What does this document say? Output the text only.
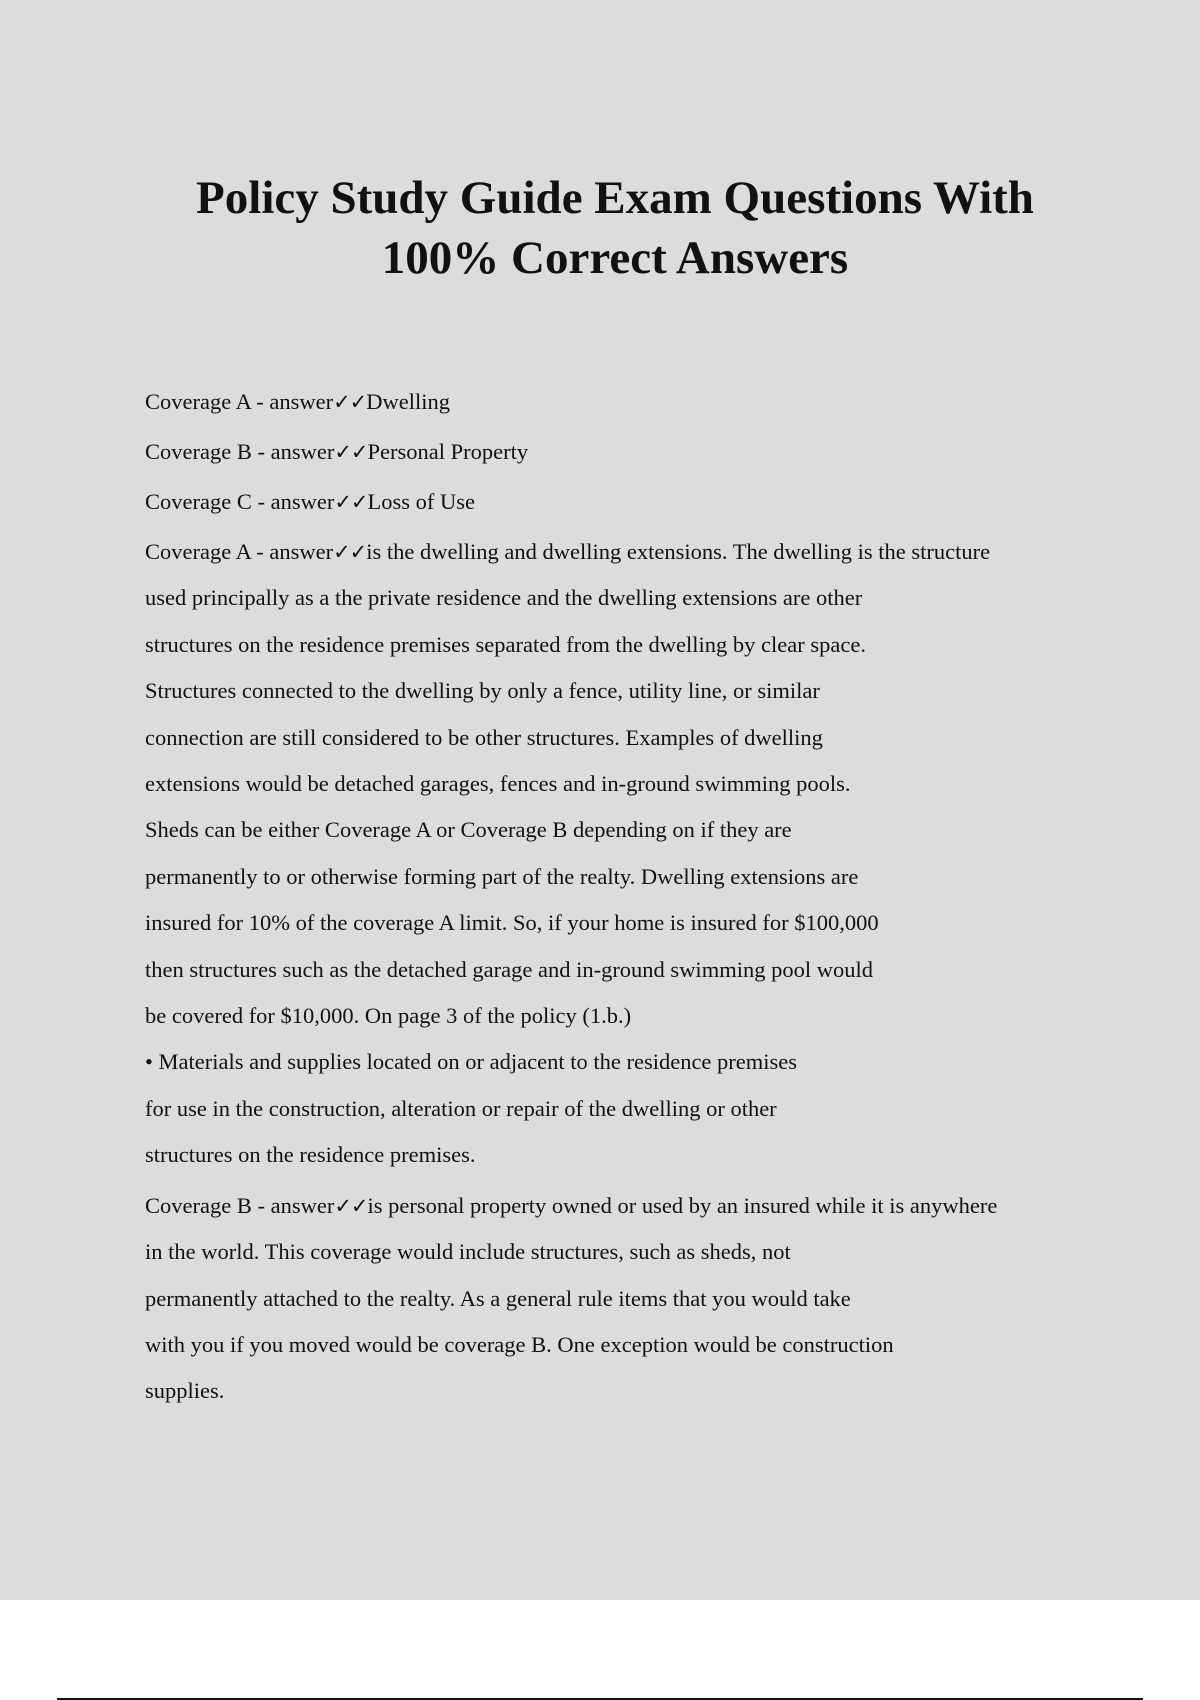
Policy Study Guide Exam Questions With
100% Correct Answers
Coverage A - answer✓✓Dwelling
Coverage B - answer✓✓Personal Property
Coverage C - answer✓✓Loss of Use
Coverage A - answer✓✓is the dwelling and dwelling extensions. The dwelling is the structure
used principally as a the private residence and the dwelling extensions are other
structures on the residence premises separated from the dwelling by clear space.
Structures connected to the dwelling by only a fence, utility line, or similar
connection are still considered to be other structures. Examples of dwelling
extensions would be detached garages, fences and in-ground swimming pools.
Sheds can be either Coverage A or Coverage B depending on if they are
permanently to or otherwise forming part of the realty. Dwelling extensions are
insured for 10% of the coverage A limit. So, if your home is insured for $100,000
then structures such as the detached garage and in-ground swimming pool would
be covered for $10,000. On page 3 of the policy (1.b.)
• Materials and supplies located on or adjacent to the residence premises
for use in the construction, alteration or repair of the dwelling or other
structures on the residence premises.
Coverage B - answer✓✓is personal property owned or used by an insured while it is anywhere
in the world. This coverage would include structures, such as sheds, not
permanently attached to the realty. As a general rule items that you would take
with you if you moved would be coverage B. One exception would be construction
supplies.
